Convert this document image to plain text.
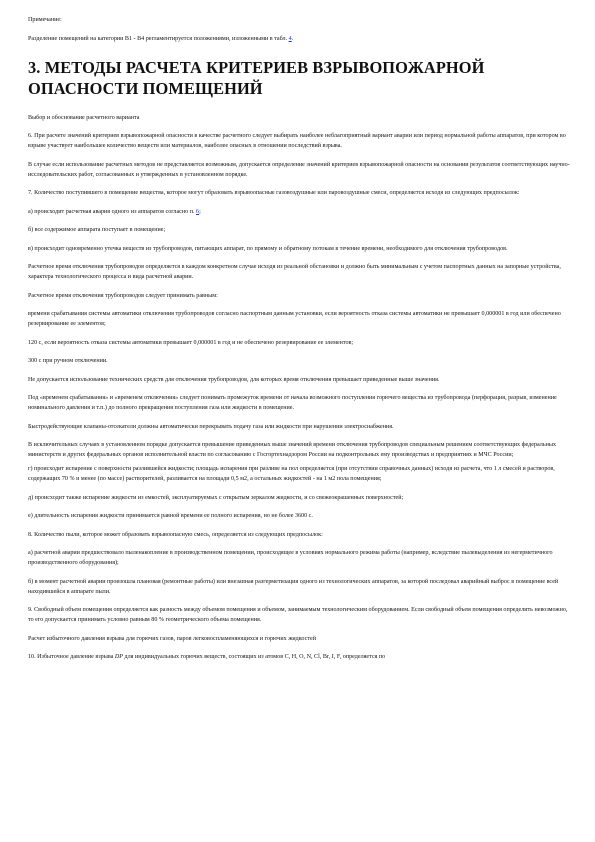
Примечание:

Разделение помещений на категории В1 - В4 регламентируется положениями, изложенными в табл. 4.

3. МЕТОДЫ РАСЧЕТА КРИТЕРИЕВ ВЗРЫВОПОЖАРНОЙ ОПАСНОСТИ ПОМЕЩЕНИЙ

Выбор и обоснование расчетного варианта

6. При расчете значений критериев взрывопожарной опасности в качестве расчетного следует выбирать наиболее неблагоприятный вариант аварии или период нормальной работы аппаратов, при котором во взрыве участвует наибольшее количество веществ или материалов, наиболее опасных в отношении последствий взрыва.

В случае если использование расчетных методов не представляется возможным, допускается определение значений критериев взрывопожарной опасности на основании результатов соответствующих научно-исследовательских работ, согласованных и утвержденных в установленном порядке.

7. Количество поступившего в помещение вещества, которое могут образовать взрывоопасные газовоздушные или паровоздушные смеси, определяется исходя из следующих предпосылок:

а) происходит расчетная авария одного из аппаратов согласно п. 6;

б) все содержимое аппарата поступает в помещение;

в) происходит одновременно утечка веществ из трубопроводов, питающих аппарат, по прямому и обратному потокам в течение времени, необходимого для отключения трубопроводов.

Расчетное время отключения трубопроводов определяется в каждом конкретном случае исходя из реальной обстановки и должно быть минимальным с учетом паспортных данных на запорные устройства, характера технологического процесса и вида расчетной аварии.

Расчетное время отключения трубопроводов следует принимать равным:

времени срабатывания системы автоматики отключения трубопроводов согласно паспортным данным установки, если вероятность отказа системы автоматики не превышает 0,000001 в год или обеспечено резервирование ее элементов;

120 с, если вероятность отказа системы автоматики превышает 0,000001 в год и не обеспечено резервирование ее элементов;

300 с при ручном отключении.

Не допускается использование технических средств для отключения трубопроводов, для которых время отключения превышает приведенные выше значения.

Под «временем срабатывания» и «временем отключения» следует понимать промежуток времени от начала возможного поступления горючего вещества из трубопровода (перфорация, разрыв, изменение номинального давления и т.п.) до полного прекращения поступления газа или жидкости в помещение.

Быстродействующие клапаны-отсекатели должны автоматически перекрывать подачу газа или жидкости при нарушении электроснабжения.

В исключительных случаях в установленном порядке допускается превышение приведенных выше значений времени отключения трубопроводов специальным решением соответствующих федеральных министерств и других федеральных органов исполнительной власти по согласованию с Госгортехнадзором России на подконтрольных ему производствах и предприятиях и МЧС России;

г) происходит испарение с поверхности разлившейся жидкости; площадь испарения при разливе на пол определяется (при отсутствии справочных данных) исходя из расчета, что 1 л смесей и растворов, содержащих 70 % и менее (по массе) растворителей, разливается на площади 0,5 м2, а остальных жидкостей - на 1 м2 пола помещения;

д) происходит также испарение жидкости из емкостей, эксплуатируемых с открытым зеркалом жидкости, и со свежеокрашенных поверхностей;

е) длительность испарения жидкости принимается равной времени ее полного испарения, но не более 3600 с.

8. Количество пыли, которое может образовать взрывоопасную смесь, определяется из следующих предпосылок:

а) расчетной аварии предшествовало пыленакопление в производственном помещении, происходящее в условиях нормального режима работы (например, вследствие пылевыделения из негерметичного производственного оборудования);

б) в момент расчетной аварии произошла плановая (ремонтные работы) или внезапная разгерметизация одного из технологических аппаратов, за которой последовал аварийный выброс в помещение всей находившейся в аппарате пыли.

9. Свободный объем помещения определяется как разность между объемом помещения и объемом, занимаемым технологическим оборудованием. Если свободный объем помещения определить невозможно, то его допускается принимать условно равным 80 % геометрического объема помещения.

Расчет избыточного давления взрыва для горючих газов, паров легковоспламеняющихся и горючих жидкостей

10. Избыточное давление взрыва DP для индивидуальных горючих веществ, состоящих из атомов С, Н, О, N, Cl, Br, I, F, определяется по
